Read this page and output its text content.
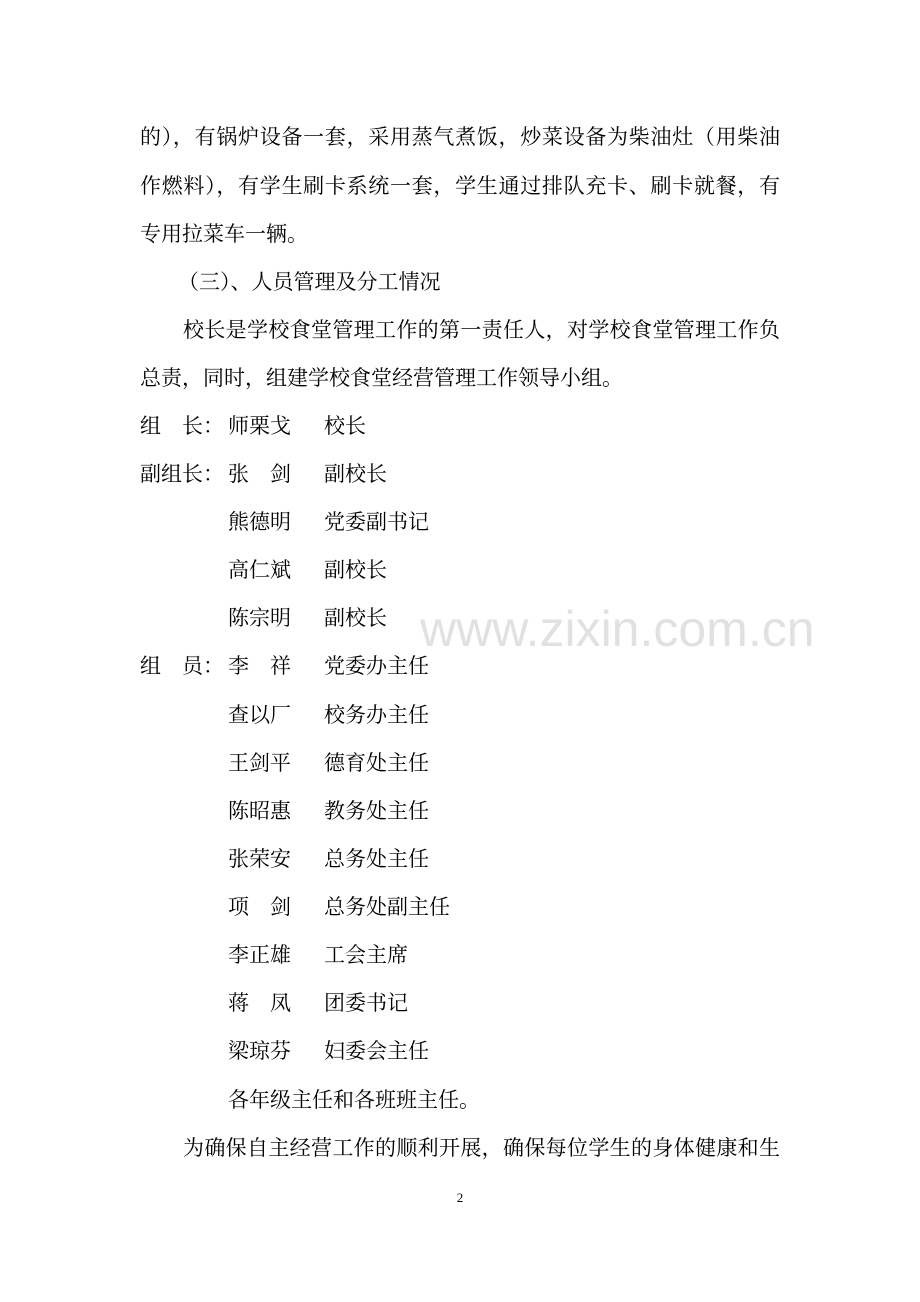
的），有锅炉设备一套，采用蒸气煮饭，炒菜设备为柴油灶（用柴油
作燃料），有学生刷卡系统一套，学生通过排队充卡、刷卡就餐，有
专用拉菜车一辆。
（三）、人员管理及分工情况
校长是学校食堂管理工作的第一责任人，对学校食堂管理工作负
总责，同时，组建学校食堂经营管理工作领导小组。
组　长： 师栗戈 校长
副组长： 张　剑 副校长
熊德明 党委副书记
高仁斌 副校长
陈宗明 副校长
组　员： 李　祥 党委办主任
查以厂 校务办主任
王剑平 德育处主任
陈昭惠 教务处主任
张荣安 总务处主任
项　剑 总务处副主任
李正雄 工会主席
蒋　凤 团委书记
梁琼芬 妇委会主任
各年级主任和各班班主任。
为确保自主经营工作的顺利开展，确保每位学生的身体健康和生
2
www.zixin.com.cn
